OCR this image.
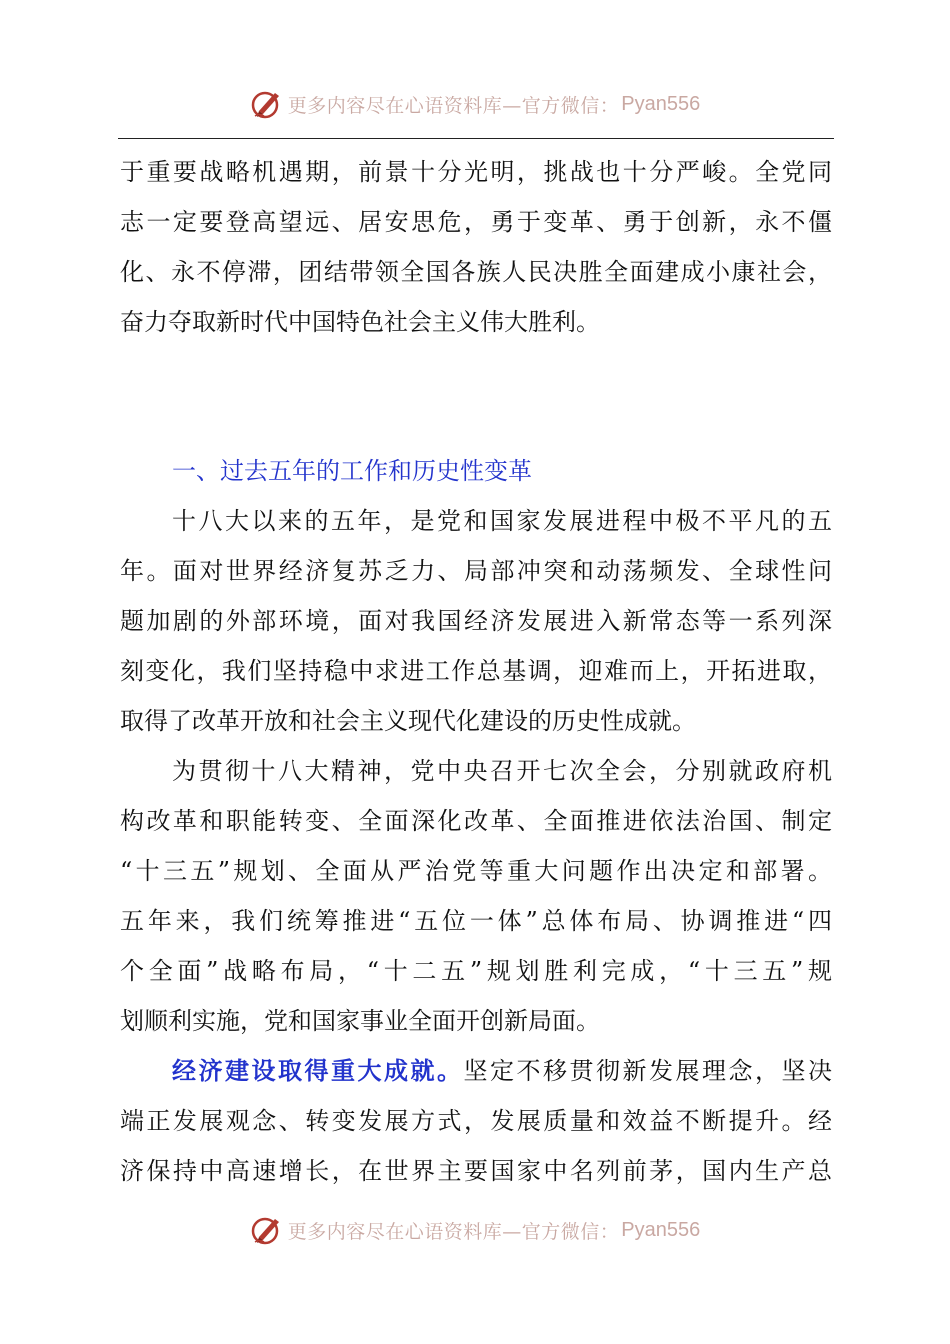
更多内容尽在心语资料库—官方微信： Pyan556
于重要战略机遇期，前景十分光明，挑战也十分严峻。全党同
志一定要登高望远、居安思危，勇于变革、勇于创新，永不僵
化、永不停滞，团结带领全国各族人民决胜全面建成小康社会，
奋力夺取新时代中国特色社会主义伟大胜利。
一、过去五年的工作和历史性变革
十八大以来的五年，是党和国家发展进程中极不平凡的五
年。面对世界经济复苏乏力、局部冲突和动荡频发、全球性问
题加剧的外部环境，面对我国经济发展进入新常态等一系列深
刻变化，我们坚持稳中求进工作总基调，迎难而上，开拓进取，
取得了改革开放和社会主义现代化建设的历史性成就。
为贯彻十八大精神，党中央召开七次全会，分别就政府机
构改革和职能转变、全面深化改革、全面推进依法治国、制定
“十三五”规划、全面从严治党等重大问题作出决定和部署。
五年来，我们统筹推进“五位一体”总体布局、协调推进“四
个全面”战略布局，“十二五”规划胜利完成，“十三五”规
划顺利实施，党和国家事业全面开创新局面。
经济建设取得重大成就。坚定不移贯彻新发展理念，坚决
端正发展观念、转变发展方式，发展质量和效益不断提升。经
济保持中高速增长，在世界主要国家中名列前茅，国内生产总
更多内容尽在心语资料库—官方微信： Pyan556
